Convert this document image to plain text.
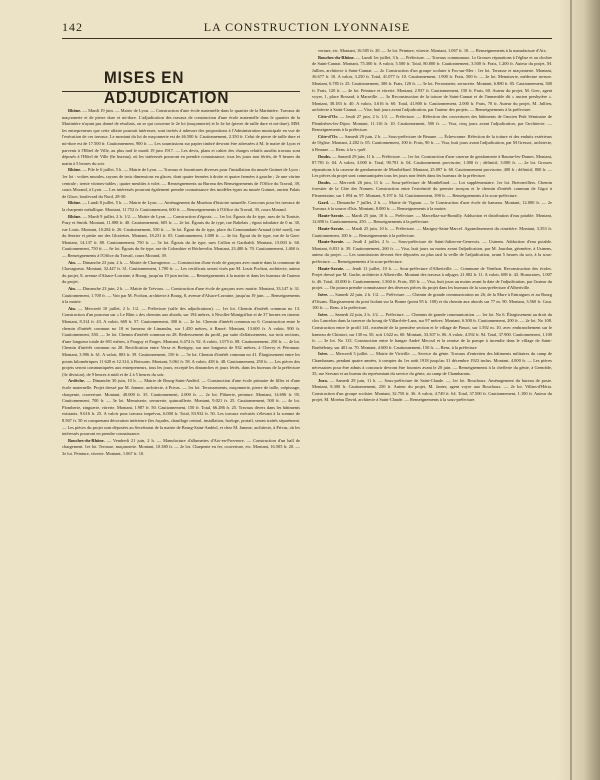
142	LA CONSTRUCTION LYONNAISE
MISES EN ADJUDICATION

Rhône. — Mardi 19 juin. — Mairie de Lyon. — Construction d'une école maternelle dans le quartier de la Martinière. Travaux de maçonnerie et de pierre dure et mi-dure. L'adjudication des travaux de construction d'une école maternelle dans le quartier de la Martinière n'ayant pas donné de résultats, on se qui concerne le 2e lot (maçonnerie) et le 4e lot (pierre de taille dure et mi-dure), MM. les entrepreneurs que cette affaire pourrait intéresser, sont invités à adresser des propositions à l'Administration municipale en vue de l'exécution de ces travaux. Le montant du lot de maçonnerie est de 46.500 fr. Cautionnement, 2.350 fr. Celui de pierre de taille dure et mi-dure est de 17.500 fr. Cautionnement, 900 fr. — Les soumissions sur papier timbré devront être adressées à M. le maire de Lyon et parvenir à l'Hôtel de Ville, au plus tard le mardi 19 juin 1917. — Les devis, plans et cahier des charges relatifs auxdits travaux sont déposés à l'Hôtel de Ville (6e bureau), où les intéressés pourront en prendre connaissance, tous les jours non fériés, de 9 heures du matin à 5 heures du soir.

Rhône. — Pile le 6 juillet, 5 h. — Mairie de Lyon. — Travaux et fournitures diverses pour l'installation du musée Guimet de Lyon : 1er lot : voûtes murales, rayons de trois dimensions en glaces, dont quatre fermées à droite et quatre fermées à gauche ; 2e une vitrine centrale ; trente vitrines-tables ; quatre meubles à volet. — Renseignements au Bureau des Renseignements de l'Office du Travail, 39, cours Morand, à Lyon. — Les intéressés pourront également prendre connaissance des modèles-types au musée Guimet, ancien Palais de Glace, boulevard du Nord, 28-30.

Rhône. — Lundi 8 juillet, 5 h. — Mairie de Lyon. — Aménagement du Muséum d'histoire naturelle. Concours pour les travaux de la charpente métallique. Montant, 11.752 fr. Cautionnement, 600 fr. — Renseignements à l'Office du Travail, 39, cours Morand.

Rhône. — Mardi 9 juillet, 2 h. 1/2. — Mairie de Lyon. — Construction d'égouts. — 1er lot. Égouts du 4e type, rues de la Tunisie, Puzy et Smith. Montant, 11.088 fr. 40. Cautionnement, 605 fr. — 2e lot. Égouts du 4e type, rue Rabelais ; égout tubulaire de 0 m. 30, rue Louis. Montant, 10.284 fr. 26. Cautionnement, 550 fr. — 3e lot. Égout du 4e type, place du Commandant-Arnaud (côté nord), rue du Sentier et petite rue des Gloriettes. Montant, 18.231 fr. 05. Cautionnement, 1.000 fr. — 4e lot. Égout du 4e type, rue de la Gare. Montant, 14.137 fr. 80. Cautionnement, 750 fr. — 5e lot. Égouts du 4e type, rues Crillon et Garibaldi. Montant, 15.003 fr. 60. Cautionnement, 750 fr. — 6e lot. Égouts du 6e type, rue de Colombier et Béchevelin. Montant, 23.480 fr. 70. Cautionnement, 1.460 fr. — Renseignements à l'Office du Travail, cours Morand, 39.

Ain. — Dimanche 23 juin, 2 h. — Mairie de Chavagneux. — Construction d'une école de garçons avec mairie dans la commune de Chavagneux. Montant, 32.447 fr. 31. Cautionnement, 1.700 fr. — Les certificats seront visés par M. Louis Pochon, architecte, auteur du projet, 8, avenue d'Alsace-Lorraine, à Bourg, jusqu'au 19 juin inclus. — Renseignements à la mairie et dans les bureaux de l'auteur du projet.

Ain. — Dimanche 23 juin, 2 h. — Mairie de Trévoux. — Construction d'une école de garçons avec mairie. Montant, 33.147 fr. 31. Cautionnement, 1.700 fr. — Voir par M. Pochon, architecte à Bourg, 8, avenue d'Alsace-Lorraine, jusqu'au 19 juin. — Renseignements à la mairie.

Ain. — Mercredi 10 juillet, 2 h. 1/2. — Préfecture (salle des adjudications). — 1er lot. Chemin d'intérêt commun no 13. Construction d'un ponceau sur « Le Rhin » des chemins aux abords, sur 194 mètres, à Nivollet-Montgriffon et de 37 bornes en ciment. Montant, 8.314 fr. 43. A valoir, 669 fr. 57. Cautionnement, 300 fr. — 2e lot. Chemin d'intérêt commun no 6. Construction entre le chemin d'intérêt commun no 18 et hameau de Limandas, sur 1.450 mètres, à Rancé. Montant, 13.600 fr. A valoir, 900 fr. Cautionnement, 350. — 3e lot. Chemin d'intérêt commun no 28. Redressement du profil, par suite d'affaissements, sur trois sections, d'une longueur totale de 691 mètres, à Pouguy et Farges. Montant, 6.474 fr. 92. A valoir, 1.075 fr. 08. Cautionnement, 250 fr. — 4e lot. Chemin d'intérêt commun no 28. Rectification entre Versa et Bretigny, sur une longueur de 932 mètres, à Chevry et Péronnaz. Montant, 3.996 fr. 61. A valoir, 803 fr. 39. Cautionnement, 150 fr. — 5e lot. Chemin d'intérêt commun no 41. Élargissement entre les points kilométriques 11 620 et 12.314, à Boissons. Montant, 5.061 fr. 58. A valoir, 438 fr. 48. Cautionnement, 250 fr. — Les pièces des projets seront communiquées aux entrepreneurs, tous les jours, excepté les dimanches et jours fériés, dans les bureaux de la préfecture (3e division), de 9 heures à midi et de 2 à 5 heures du soir.

Ardèche. — Dimanche 30 juin, 10 h. — Mairie de Bourg-Saint-Andéol. — Construction d'une école primaire de filles et d'une école maternelle. Projet dressé par M. Jamme, architecte, à Privas. — 1er lot. Terrassements, maçonnerie, pierre de taille, crépissage, charpente, couverture. Montant, 40.000 fr. 35. Cautionnement, 2.000 fr. — 2e lot. Plâtrerie, peinture. Montant, 14.696 fr. 95. Cautionnement, 700 fr. — 3e lot. Menuiserie, serrurerie, quincaillerie. Montant, 9.021 fr. 25. Cautionnement, 500 fr. — 4e lot. Plomberie, zinguerie, vitrerie. Montant, 1.987 fr. 50. Cautionnement, 150 fr. Total, 66.286 fr. 25. Travaux divers dans les bâtiments existants. 9.616 fr. 25. A valoir pour travaux imprévus, 6.000 fr. Total, 83.932 fr. 50. Les travaux exécutés s'élevant à la somme de 8.567 fr. 50 et comprenant décoration intérieure (les façades, chauffage central, installation, horloge, portail, seront traités séparément. — Les pièces du projet sont déposées au Secrétariat de la mairie de Bourg-Saint-Andéol, et chez M. Jamme, architecte, à Privas, où les intéressés pourront en prendre connaissance.

Bouches-du-Rhône. — Vendredi 21 juin, 2 h. — Manufacture d'allumettes d'Aix-en-Provence. — Construction d'un hall de chargement. 1er lot. Terrasse, maçonnerie. Montant, 10.380 fr. — 2e lot. Charpente en fer, couverture, etc. Montant, 16.505 fr. 20. — 3e lot. Peinture, vitrerie. Montant, 1.067 fr. 10.

verture, etc. Montant, 16.505 fr. 20. — 3e lot. Peinture, vitrerie. Montant, 1.067 fr. 10. — Renseignements à la manufacture d'Aix.

Bouches-du-Rhône. — Lundi 1er juillet, 3 h. — Préfecture. — Travaux communaux. 1o Grosses réparations à l'église et au clocher de Saint-Cannat. Montant, 75.300 fr. A valoir, 5.500 fr. Total, 80.800 fr. Cautionnement, 3.500 fr. Frais, 1.200 fr. Auteur du projet, M. Jullien, architecte à Saint-Cannat. — 2o Construction d'un groupe scolaire à Fos-sur-Mer : 1er lot. Terrasse et maçonnerie. Montant, 36.677 fr. 10. A valoir, 3.250 fr. Total, 41.077 fr. 10. Cautionnement, 1.900 fr. Frais, 500 fr. — 2e lot. Menuiserie, médecine serrure. Montant, 6.785 fr. 25. Cautionnement, 300 fr. Frais, 120 fr. — 3e lot. Ferronnerie, serrurerie. Montant, 6.880 fr. 05. Cautionnement, 300 fr. Frais, 120 fr. — 4e lot. Peinture et vitrerie. Montant, 2.937 fr. Cautionnement, 150 fr. Frais, 60. Auteur du projet, M. Grec, agent voyer, 1, place Borsard, à Marseille. — 3o Reconstruction de la toiture de Saint-Cannat et de l'immeuble dit « ancien presbytère ». Montant, 38.183 fr. 40. A valoir, 3.616 fr. 60. Total, 41.800 fr. Cautionnement, 2.000 fr. Frais, 70 fr. Auteur du projet, M. Jullien, architecte à Saint-Cannat. — Vise, huit jours avant l'adjudication, par l'auteur des projets. — Renseignements à la préfecture.

Côte-d'Or. — Jeudi 27 juin, 2 h. 1/2. — Préfecture. — Réfection des couvertures des bâtiments de l'ancien Petit Séminaire de Plombières-les-Dijon. Montant, 11.116 fr. 10. Cautionnement, 500 fr. — Visa, cinq jours avant l'adjudication, par l'architecte. — Renseignements à la préfecture.

Côte-d'Or. — Samedi 29 juin, 2 h. — Sous-préfecture de Beaune. — Échevronne. Réfection de la toiture et des enduits extérieurs de l'église. Montant, 2.282 fr. 05. Cautionnement, 100 fr. Frais, 90 fr. — Visa, huit jours avant l'adjudication, par M Gressot, architecte, à Beaune. — Rens. à la s.-préf.

Doubs. — Samedi 29 juin, 11 h. — Préfecture. — 1er lot. Construction d'une caserne de gendarmerie à Baume-les-Dames. Montant, 87.781 fr. 04. A valoir, 3.000 fr. Total, 90.781 fr. 04. Cautionnement provisoire, 1.000 fr ; définitif, 3.000 fr. — 2e lot. Grosses réparations à la caserne de gendarmerie de Montbéliard. Montant, 25.097 fr. 60. Cautionnement provisoire, 400 fr ; définitif, 800 fr. — Les pièces du projet sont communiquées tous les jours non fériés dans les bureaux de la préfecture.

Doubs. — Mercredi 26 juin, 11 h. — Sous-préfecture de Montbéliard. — Lot supplémentaire. 1er lot. Bretonvillers. Chemin forestier de la Côte des Nonnes. Construction entre l'extrémité du premier tronçon et le chemin d'intérêt commun de Gigot à Fleurentaine, sur 1 094 m. 97. Montant, 9.197 fr. 54. Cautionnement, 390 fr. — Renseignements à la sous-préfecture.

Gard. — Dimanche 7 juillet, 2 h. — Mairie de Vignan. — 1e Construction d'une école de hameau. Montant, 12.000 fr. — 2e Travaux à la source d'Isis. Montant, 8.000 fr. — Renseignements à la mairie.

Haute-Savoie. — Mardi 25 juin, 10 h. — Préfecture. — Marcellaz-sur-Rumilly. Adduction et distribution d'eau potable. Montant, 12.698 fr. Cautionnement, 250. — Renseignements à la préfecture.

Haute-Savoie. — Mardi 25 juin, 10 h. — Préfecture. — Marigny-Saint-Marcel. Agrandissement du cimetière. Montant, 3.353 fr. Cautionnement, 100 fr. — Renseignements à la préfecture.

Haute-Savoie. — Jeudi 4 juillet, 2 h. — Sous-préfecture de Saint-Julien-en-Genevois. — Usinens. Adduction d'eau potable. Montant, 6.831 fr. 39. Cautionnement, 260 fr. — Visa, huit jours au moins avant l'adjudication, par M. Jourdan, géomètre, à Usinens, auteur du projet. — Les soumissions devront être déposées au plus tard la veille de l'adjudication, avant 5 heures du soir, à la sous-préfecture. — Renseignements à la sous-préfecture.

Haute-Savoie. — Jeudi 11 juillet, 10 h. — Sous-préfecture d'Albertville. — Commune de Venthon. Reconstruction des écoles. Projet dressé par M. Gache, architecte à Albertville. Montant des travaux à adjuger, 21.082 fr. 11. A valoir, 688 fr. 43. Honoraires, 1.007 fr. 46. Total, 43.000 fr. Cautionnement, 1.560 fr. Frais, 350 fr. — Visa, huit jours au moins avant la date de l'adjudication, par l'auteur du projet. — On pourra prendre connaissance des diverses pièces du projet dans les bureaux de la sous-préfecture d'Albertville.

Isère. — Samedi 22 juin, 2 h. 1/2. — Préfecture. — Chemin de grande communication no 26, de la Mure à Entraigues et au Bourg d'Oisans. Élargissement du pont Isolant sur la Bonne (point 95 k. 100) et du chemin aux abords sur 77 m. 90. Montant, 3.560 fr. Caut. 100 fr. — Rens. à la préfecture.

Isère. — Samedi 22 juin, 2 h. 1/2. — Préfecture. — Chemins de grande communication. — 1er lot. No 6. Élargissement au droit du clos Lancelon dans la traverse du bourg de Villard-de-Lans, sur 97 mètres. Montant, 6.300 fr. Cautionnement, 200 fr. — 2e lot. No 108. Construction entre le profil 141, extrémité de la première section et le village de Pinsot, sur 1.592 m. 10, avec embranchement sur le hameau de Chintort, sur 130 m. 50, soit 1.622 m. 60. Montant, 33.307 fr. 06. A valoir, 4.592 fr. 94. Total, 37.900. Cautionnement, 1.100 fr. — 3e lot. No 113. Construction entre le hangar André Mecoul et la remise de la pompe à incendie dans le village de Saint-Barthélemy, sur 401 m. 70. Montant, 4.600 fr. Cautionnement, 150 fr. — Rens. à la préfecture

Isère. — Mercredi 3 juillet. — Mairie de Viriville. — Service du génie. Travaux d'entretien des bâtiments militaires du camp de Chambarans, pendant quatre années, à compter du 1er août 1918 jusqu'au 31 décembre 1923 inclus. Montant, 4.000 fr. — Les pièces nécessaires pour être admis à concourir devront être fournies avant le 20 juin. — Renseignements à la chefferie du génie, à Grenoble, 35, rue Servant et au bureau du représentant du service du génie, au camp de Chambarans.

Jura. — Samedi 29 juin, 11 h. — Sous-préfecture de Saint-Claude. — 1er lot. Bouchoux. Aménagement du bureau de poste. Montant, 8.300 fr. Cautionnement, 250 fr. Auteur du projet, M. Janier, agent voyer aux Bouchoux. — 2e lot. Villars-d'Héria. Construction d'un groupe scolaire. Montant, 32.750 fr. 36. A valoir, 4.749 fr. 64. Total, 37.500 fr. Cautionnement, 1.100 fr. Auteur du projet, M. Moréau David, architecte à Saint-Claude. — Renseignements à la sous-préfecture.
